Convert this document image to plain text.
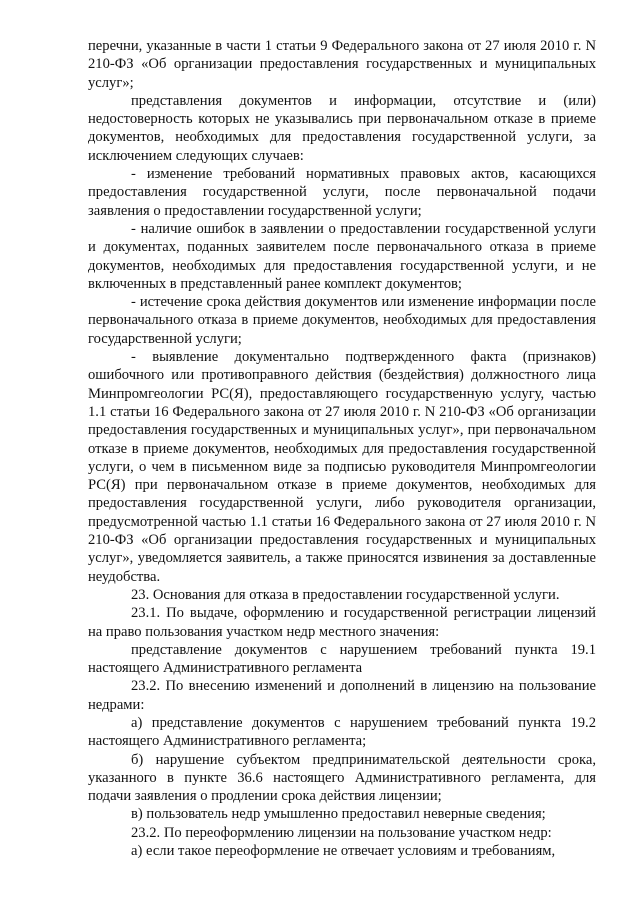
перечни, указанные в части 1 статьи 9 Федерального закона от 27 июля 2010 г. N 210-ФЗ «Об организации предоставления государственных и муниципальных услуг»;

представления документов и информации, отсутствие и (или) недостоверность которых не указывались при первоначальном отказе в приеме документов, необходимых для предоставления государственной услуги, за исключением следующих случаев:

- изменение требований нормативных правовых актов, касающихся предоставления государственной услуги, после первоначальной подачи заявления о предоставлении государственной услуги;

- наличие ошибок в заявлении о предоставлении государственной услуги и документах, поданных заявителем после первоначального отказа в приеме документов, необходимых для предоставления государственной услуги, и не включенных в представленный ранее комплект документов;

- истечение срока действия документов или изменение информации после первоначального отказа в приеме документов, необходимых для предоставления государственной услуги;

- выявление документально подтвержденного факта (признаков) ошибочного или противоправного действия (бездействия) должностного лица Минпромгеологии РС(Я), предоставляющего государственную услугу, частью 1.1 статьи 16 Федерального закона от 27 июля 2010 г. N 210-ФЗ «Об организации предоставления государственных и муниципальных услуг», при первоначальном отказе в приеме документов, необходимых для предоставления государственной услуги, о чем в письменном виде за подписью руководителя Минпромгеологии РС(Я) при первоначальном отказе в приеме документов, необходимых для предоставления государственной услуги, либо руководителя организации, предусмотренной частью 1.1 статьи 16 Федерального закона от 27 июля 2010 г. N 210-ФЗ «Об организации предоставления государственных и муниципальных услуг», уведомляется заявитель, а также приносятся извинения за доставленные неудобства.

23. Основания для отказа в предоставлении государственной услуги.

23.1. По выдаче, оформлению и государственной регистрации лицензий на право пользования участком недр местного значения:

представление документов с нарушением требований пункта 19.1 настоящего Административного регламента

23.2. По внесению изменений и дополнений в лицензию на пользование недрами:

а) представление документов с нарушением требований пункта 19.2 настоящего Административного регламента;

б) нарушение субъектом предпринимательской деятельности срока, указанного в пункте 36.6 настоящего Административного регламента, для подачи заявления о продлении срока действия лицензии;

в) пользователь недр умышленно предоставил неверные сведения;

23.2. По переоформлению лицензии на пользование участком недр:

а) если такое переоформление не отвечает условиям и требованиям,
